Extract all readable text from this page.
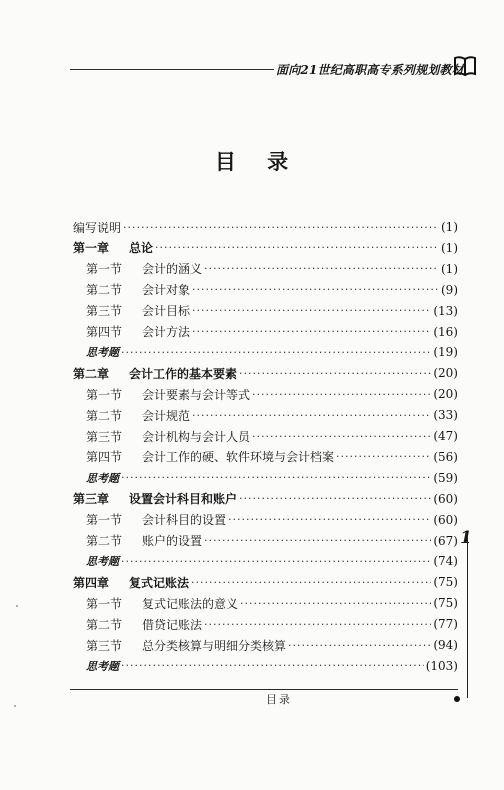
面向21世纪高职高专系列规划教材
目 录
编写说明 ·····	(1)
第一章	总论 ·····	(1)
第一节	会计的涵义 ·····	(1)
第二节	会计对象 ·····	(9)
第三节	会计目标 ·····	(13)
第四节	会计方法 ·····	(16)
思考题 ·····	(19)
第二章	会计工作的基本要素 ·····	(20)
第一节	会计要素与会计等式 ·····	(20)
第二节	会计规范 ·····	(33)
第三节	会计机构与会计人员 ·····	(47)
第四节	会计工作的硬、软件环境与会计档案 ·····	(56)
思考题 ·····	(59)
第三章	设置会计科目和账户 ·····	(60)
第一节	会计科目的设置 ·····	(60)
第二节	账户的设置 ·····	(67)
思考题 ·····	(74)
第四章	复式记账法 ·····	(75)
第一节	复式记账法的意义 ·····	(75)
第二节	借贷记账法 ·····	(77)
第三节	总分类核算与明细分类核算 ·····	(94)
思考题 ·····	(103)
1
目录
